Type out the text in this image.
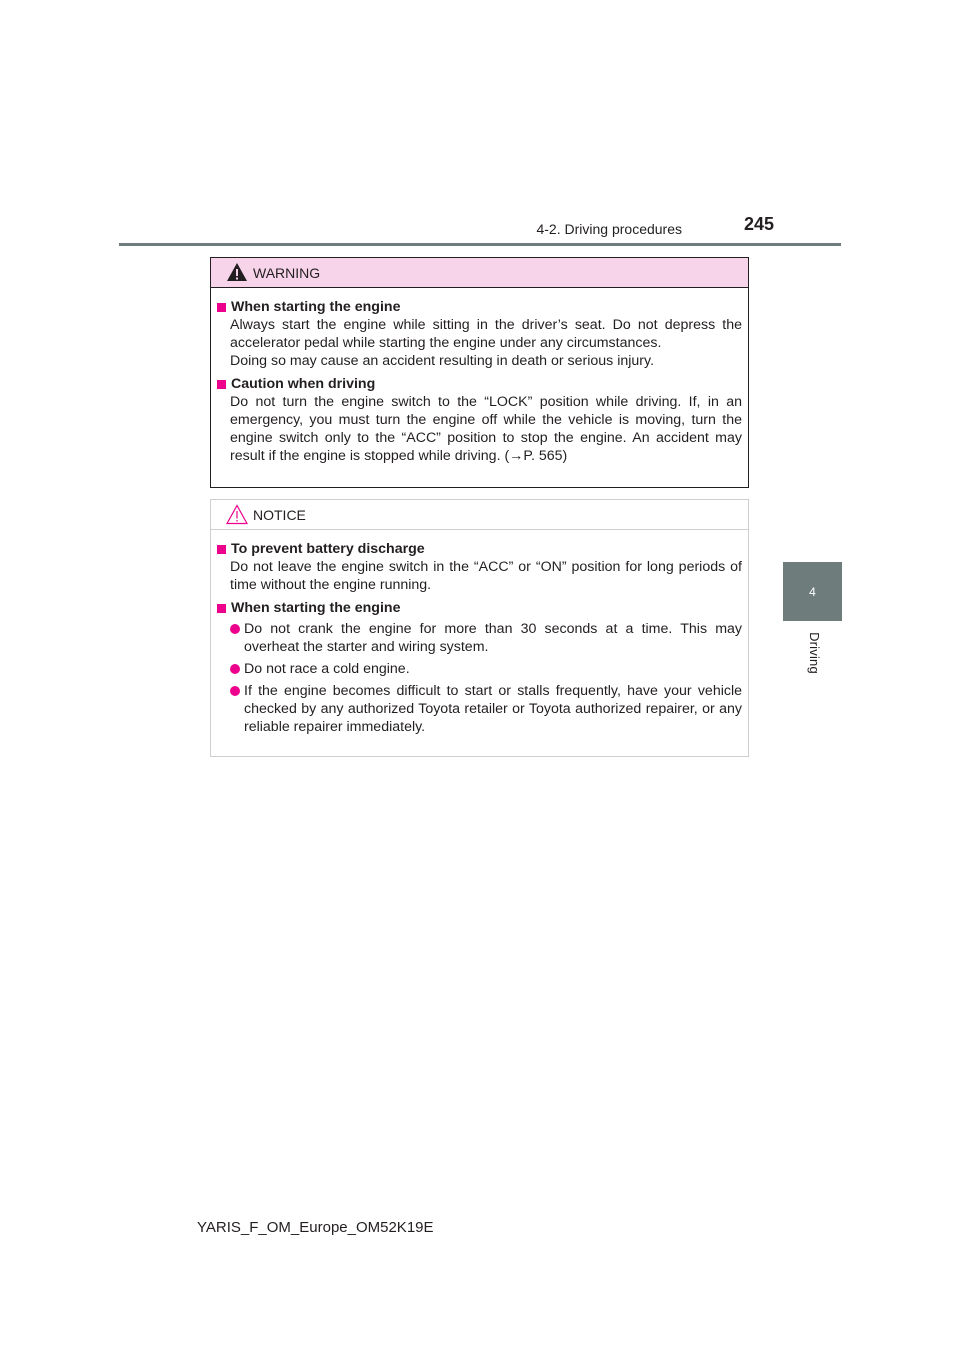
4-2. Driving procedures	245
4
Driving
WARNING
When starting the engine
Always start the engine while sitting in the driver’s seat. Do not depress the accelerator pedal while starting the engine under any circumstances.
Doing so may cause an accident resulting in death or serious injury.
Caution when driving
Do not turn the engine switch to the “LOCK” position while driving. If, in an emergency, you must turn the engine off while the vehicle is moving, turn the engine switch only to the “ACC” position to stop the engine. An accident may result if the engine is stopped while driving. (→P. 565)
NOTICE
To prevent battery discharge
Do not leave the engine switch in the “ACC” or “ON” position for long periods of time without the engine running.
When starting the engine
Do not crank the engine for more than 30 seconds at a time. This may overheat the starter and wiring system.
Do not race a cold engine.
If the engine becomes difficult to start or stalls frequently, have your vehicle checked by any authorized Toyota retailer or Toyota authorized repairer, or any reliable repairer immediately.
YARIS_F_OM_Europe_OM52K19E
